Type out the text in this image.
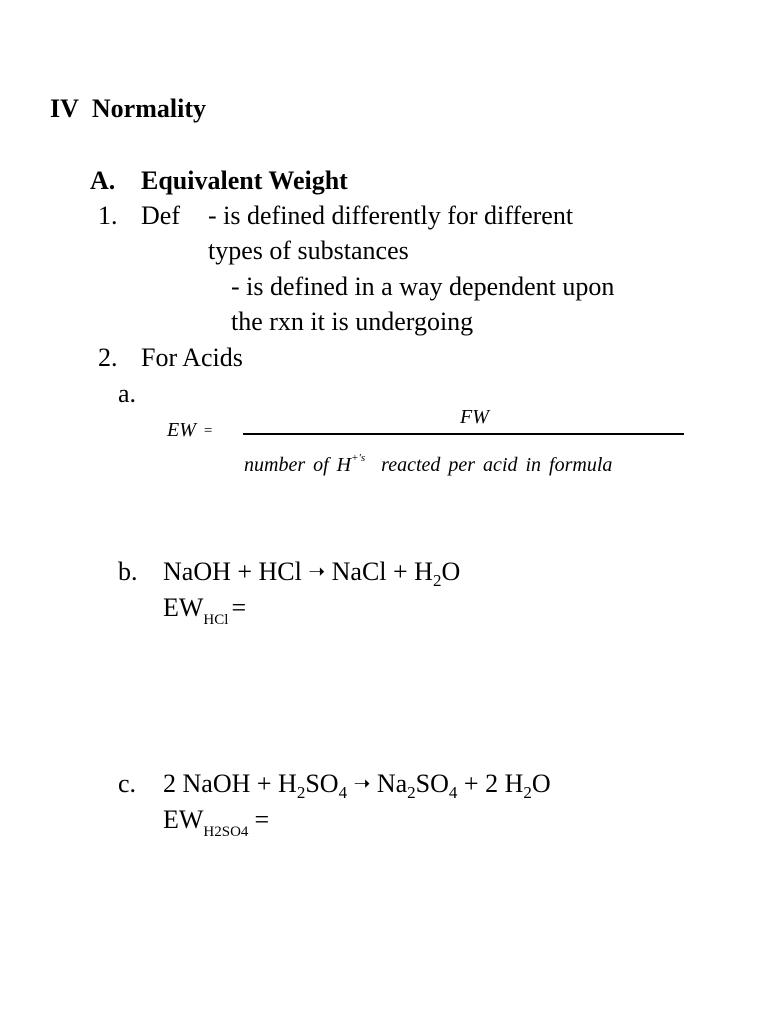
IV Normality
A. Equivalent Weight
1. Def - is defined differently for different
types of substances
- is defined in a way dependent upon
the rxn it is undergoing
2. For Acids
a.
EW =
FW
number of $H^{+'s}$ reacted per acid in formula
b. NaOH + HCl ➝ NaCl + $H_2O$
$EW_{HCl}$ =
c. 2 NaOH + $H_2SO_4$ ➝ $Na_2SO_4 + 2$ $H_2O$
$EW_{H2SO4}$ =
